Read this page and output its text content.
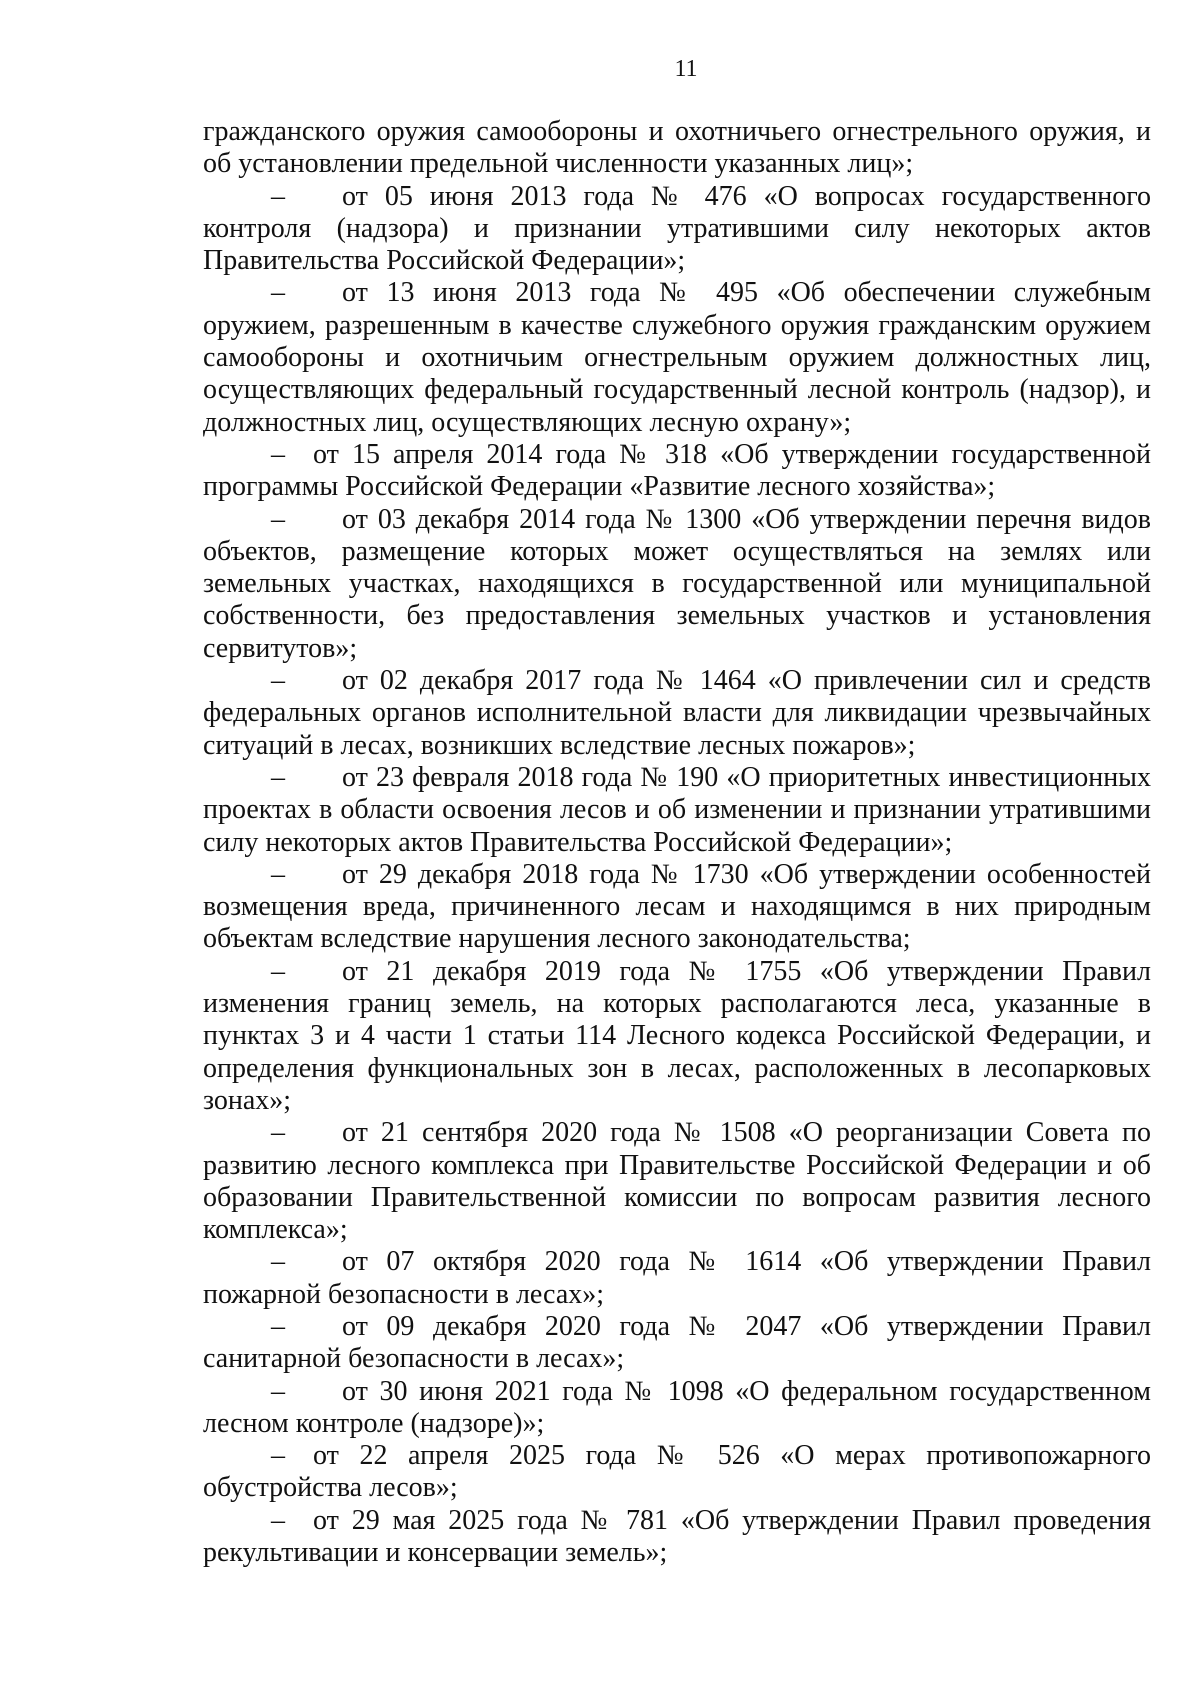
11

гражданского оружия самообороны и охотничьего огнестрельного оружия, и об установлении предельной численности указанных лиц»;

– от 05 июня 2013 года № 476 «О вопросах государственного контроля (надзора) и признании утратившими силу некоторых актов Правительства Российской Федерации»;

– от 13 июня 2013 года № 495 «Об обеспечении служебным оружием, разрешенным в качестве служебного оружия гражданским оружием самообороны и охотничьим огнестрельным оружием должностных лиц, осуществляющих федеральный государственный лесной контроль (надзор), и должностных лиц, осуществляющих лесную охрану»;

– от 15 апреля 2014 года № 318 «Об утверждении государственной программы Российской Федерации «Развитие лесного хозяйства»;

– от 03 декабря 2014 года № 1300 «Об утверждении перечня видов объектов, размещение которых может осуществляться на землях или земельных участках, находящихся в государственной или муниципальной собственности, без предоставления земельных участков и установления сервитутов»;

– от 02 декабря 2017 года № 1464 «О привлечении сил и средств федеральных органов исполнительной власти для ликвидации чрезвычайных ситуаций в лесах, возникших вследствие лесных пожаров»;

– от 23 февраля 2018 года № 190 «О приоритетных инвестиционных проектах в области освоения лесов и об изменении и признании утратившими силу некоторых актов Правительства Российской Федерации»;

– от 29 декабря 2018 года № 1730 «Об утверждении особенностей возмещения вреда, причиненного лесам и находящимся в них природным объектам вследствие нарушения лесного законодательства;

– от 21 декабря 2019 года № 1755 «Об утверждении Правил изменения границ земель, на которых располагаются леса, указанные в пунктах 3 и 4 части 1 статьи 114 Лесного кодекса Российской Федерации, и определения функциональных зон в лесах, расположенных в лесопарковых зонах»;

– от 21 сентября 2020 года № 1508 «О реорганизации Совета по развитию лесного комплекса при Правительстве Российской Федерации и об образовании Правительственной комиссии по вопросам развития лесного комплекса»;

– от 07 октября 2020 года № 1614 «Об утверждении Правил пожарной безопасности в лесах»;

– от 09 декабря 2020 года № 2047 «Об утверждении Правил санитарной безопасности в лесах»;

– от 30 июня 2021 года № 1098 «О федеральном государственном лесном контроле (надзоре)»;

– от 22 апреля 2025 года № 526 «О мерах противопожарного обустройства лесов»;

– от 29 мая 2025 года № 781 «Об утверждении Правил проведения рекультивации и консервации земель»;
